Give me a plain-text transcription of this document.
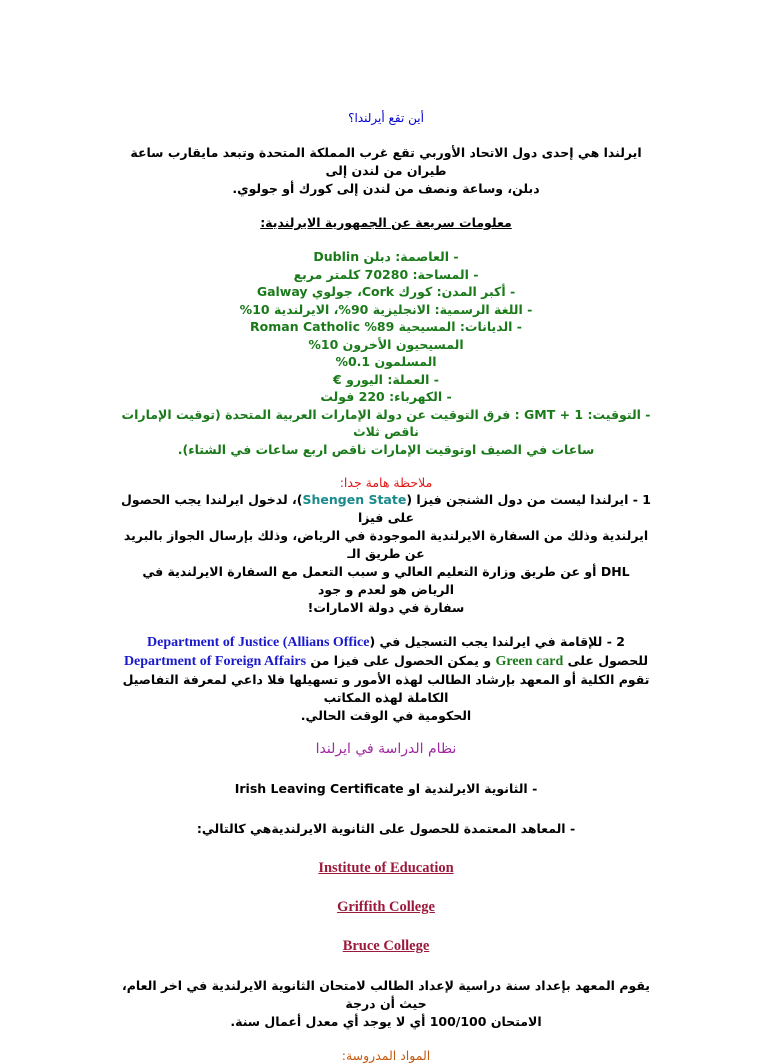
أين تقع أيرلندا؟
ايرلندا هي إحدى دول الاتحاد الأوربي تقع غرب المملكة المتحدة وتبعد مايقارب ساعة طيران من لندن إلى
دبلن، وساعة ونصف من لندن إلى كورك أو جولوي.
معلومات سريعة عن الجمهورية الايرلندية:
- العاصمة: دبلن Dublin
- المساحة: 70280 كلمتر مربع
- أكبر المدن: كورك Cork، جولوي Galway
- اللغة الرسمية: الانجليزية 90%، الايرلندية 10%
- الديانات: المسيحية 89% Roman Catholic
المسيحيون الأخرون 10%
المسلمون 0.1%
- العملة: اليورو €
- الكهرباء: 220 فولت
- التوقيت: GMT + 1 : فرق التوقيت عن دولة الإمارات العربية المتحدة (توقيت الإمارات ناقص ثلاث
ساعات في الصيف اوتوقيت الإمارات ناقص اربع ساعات في الشتاء).
ملاحظة هامة جدا:
1 - ايرلندا ليست من دول الشنجن فيزا (Shengen State)، لدخول ايرلندا يجب الحصول على فيزا
ايرلندية وذلك من السفارة الايرلندية الموجودة في الرياض، وذلك بإرسال الجواز بالبريد عن طريق الـ
DHL أو عن طريق وزارة التعليم العالي و سبب التعمل مع السفارة الايرلندية في الرياض هو لعدم و جود
سفارة في دولة الامارات!
2 - للإقامة في ايرلندا يجب التسجيل في (Department of Justice (Allians Office
للحصول على Green card و يمكن الحصول على فيزا من Department of Foreign Affairs
تقوم الكلية أو المعهد بإرشاد الطالب لهذه الأمور و تسهيلها فلا داعي لمعرفة التفاصيل الكاملة لهذه المكاتب
الحكومية في الوقت الحالي.
نظام الدراسة في ايرلندا
- الثانوية الايرلندية او Irish Leaving Certificate
- المعاهد المعتمدة للحصول على الثانوية الايرلنديةهي كالتالي:
Institute of Education
Griffith College
Bruce College
يقوم المعهد بإعداد سنة دراسية لإعداد الطالب لامتحان الثانوية الايرلندية في اخر العام، حيث أن درجة
الامتحان 100/100 أي لا يوجد أي معدل أعمال سنة.
المواد المدروسة:
